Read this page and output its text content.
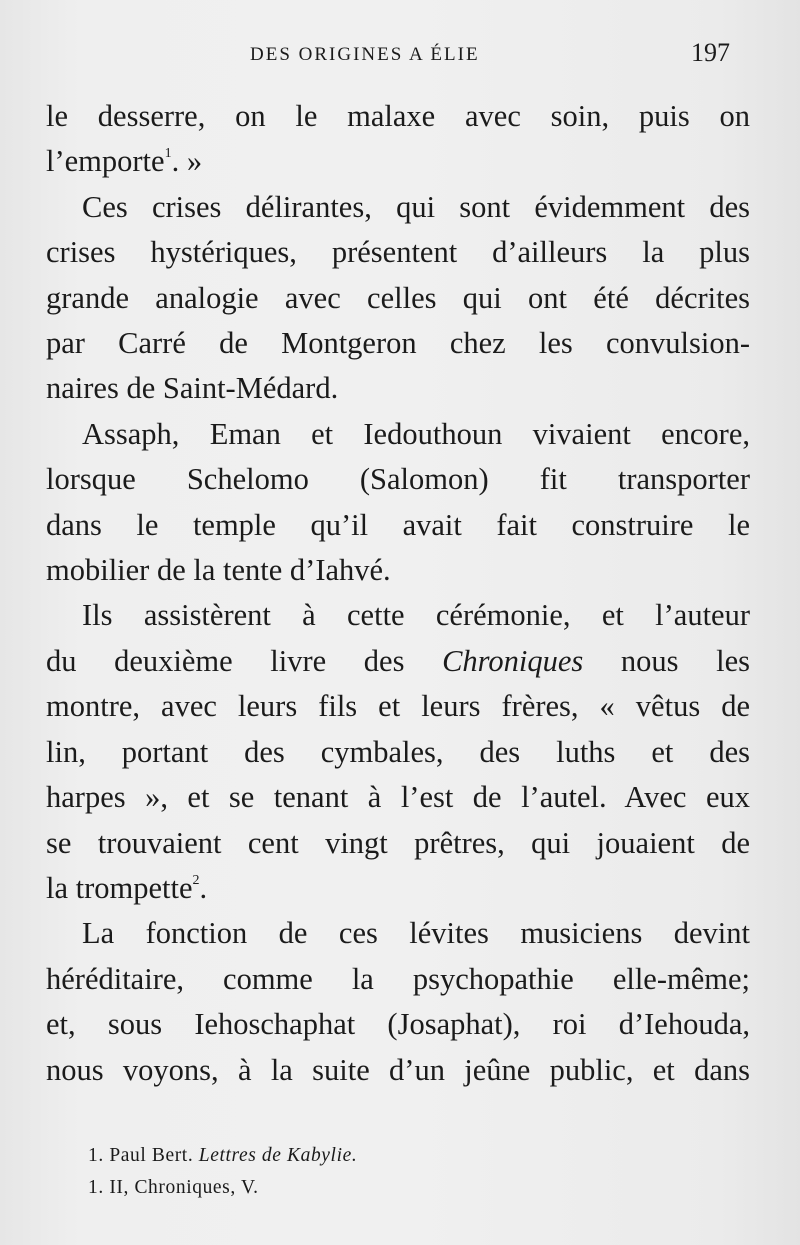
DES ORIGINES A ÉLIE	197
le desserre, on le malaxe avec soin, puis on
l’emporte$^1$. »
Ces crises délirantes, qui sont évidemment des
crises hystériques, présentent d’ailleurs la plus
grande analogie avec celles qui ont été décrites
par Carré de Montgeron chez les convulsion-
naires de Saint-Médard.
Assaph, Eman et Iedouthoun vivaient encore,
lorsque Schelomo (Salomon) fit transporter
dans le temple qu’il avait fait construire le
mobilier de la tente d’Iahvé.
Ils assistèrent à cette cérémonie, et l’auteur
du deuxième livre des Chroniques nous les
montre, avec leurs fils et leurs frères, « vêtus de
lin, portant des cymbales, des luths et des
harpes », et se tenant à l’est de l’autel. Avec eux
se trouvaient cent vingt prêtres, qui jouaient de
la trompette$^2$.
La fonction de ces lévites musiciens devint
héréditaire, comme la psychopathie elle-même;
et, sous Iehoschaphat (Josaphat), roi d’Iehouda,
nous voyons, à la suite d’un jeûne public, et dans
1. Paul Bert. Lettres de Kabylie.
1. II, Chroniques, V.
